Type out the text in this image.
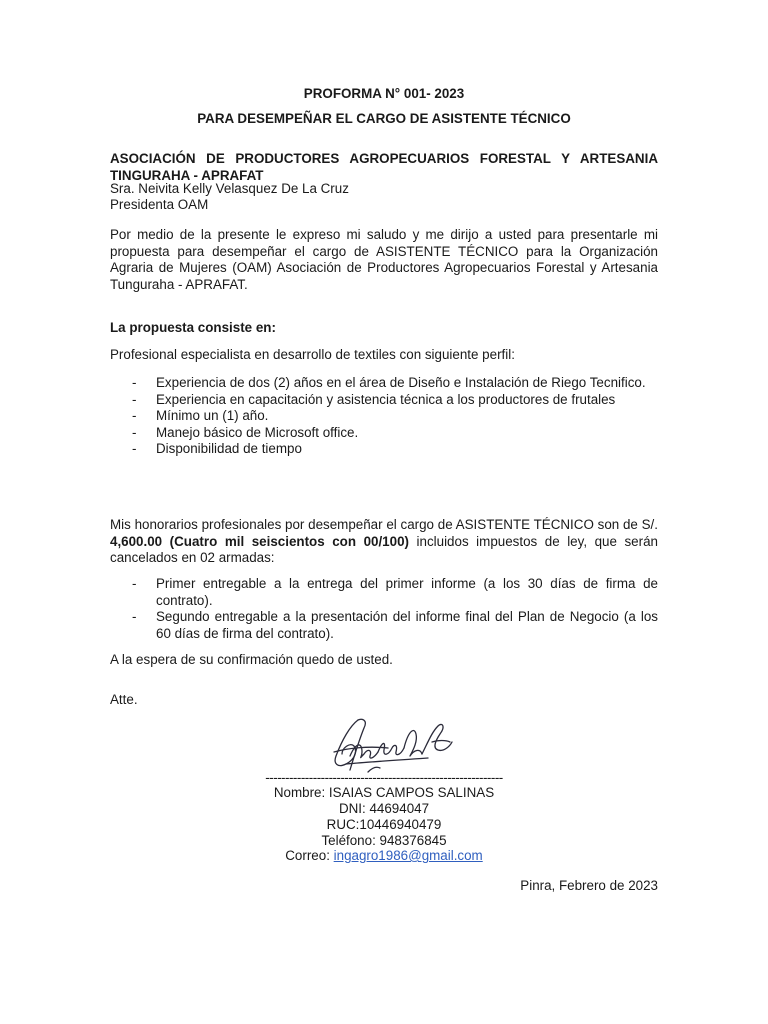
PROFORMA N° 001- 2023
PARA DESEMPEÑAR EL CARGO DE ASISTENTE TÉCNICO
ASOCIACIÓN DE PRODUCTORES AGROPECUARIOS FORESTAL Y ARTESANIA
TINGURAHA - APRAFAT
Sra. Neivita Kelly Velasquez De La Cruz
Presidenta OAM
Por medio de la presente le expreso mi saludo y me dirijo a usted para presentarle mi propuesta para desempeñar el cargo de ASISTENTE TÉCNICO para la Organización Agraria de Mujeres (OAM) Asociación de Productores Agropecuarios Forestal y Artesania Tunguraha - APRAFAT.
La propuesta consiste en:
Profesional especialista en desarrollo de textiles con siguiente perfil:
- Experiencia de dos (2) años en el área de Diseño e Instalación de Riego Tecnifico.
- Experiencia en capacitación y asistencia técnica a los productores de frutales
- Mínimo un (1) año.
- Manejo básico de Microsoft office.
- Disponibilidad de tiempo
Mis honorarios profesionales por desempeñar el cargo de ASISTENTE TÉCNICO son de S/. 4,600.00 (Cuatro mil seiscientos con 00/100) incluidos impuestos de ley, que serán cancelados en 02 armadas:
- Primer entregable a la entrega del primer informe (a los 30 días de firma de contrato).
- Segundo entregable a la presentación del informe final del Plan de Negocio (a los 60 días de firma del contrato).
A la espera de su confirmación quedo de usted.
Atte.
------------------------------------------------------------
Nombre: ISAIAS CAMPOS SALINAS
DNI: 44694047
RUC:10446940479
Teléfono: 948376845
Correo: ingagro1986@gmail.com
Pinra, Febrero de 2023
